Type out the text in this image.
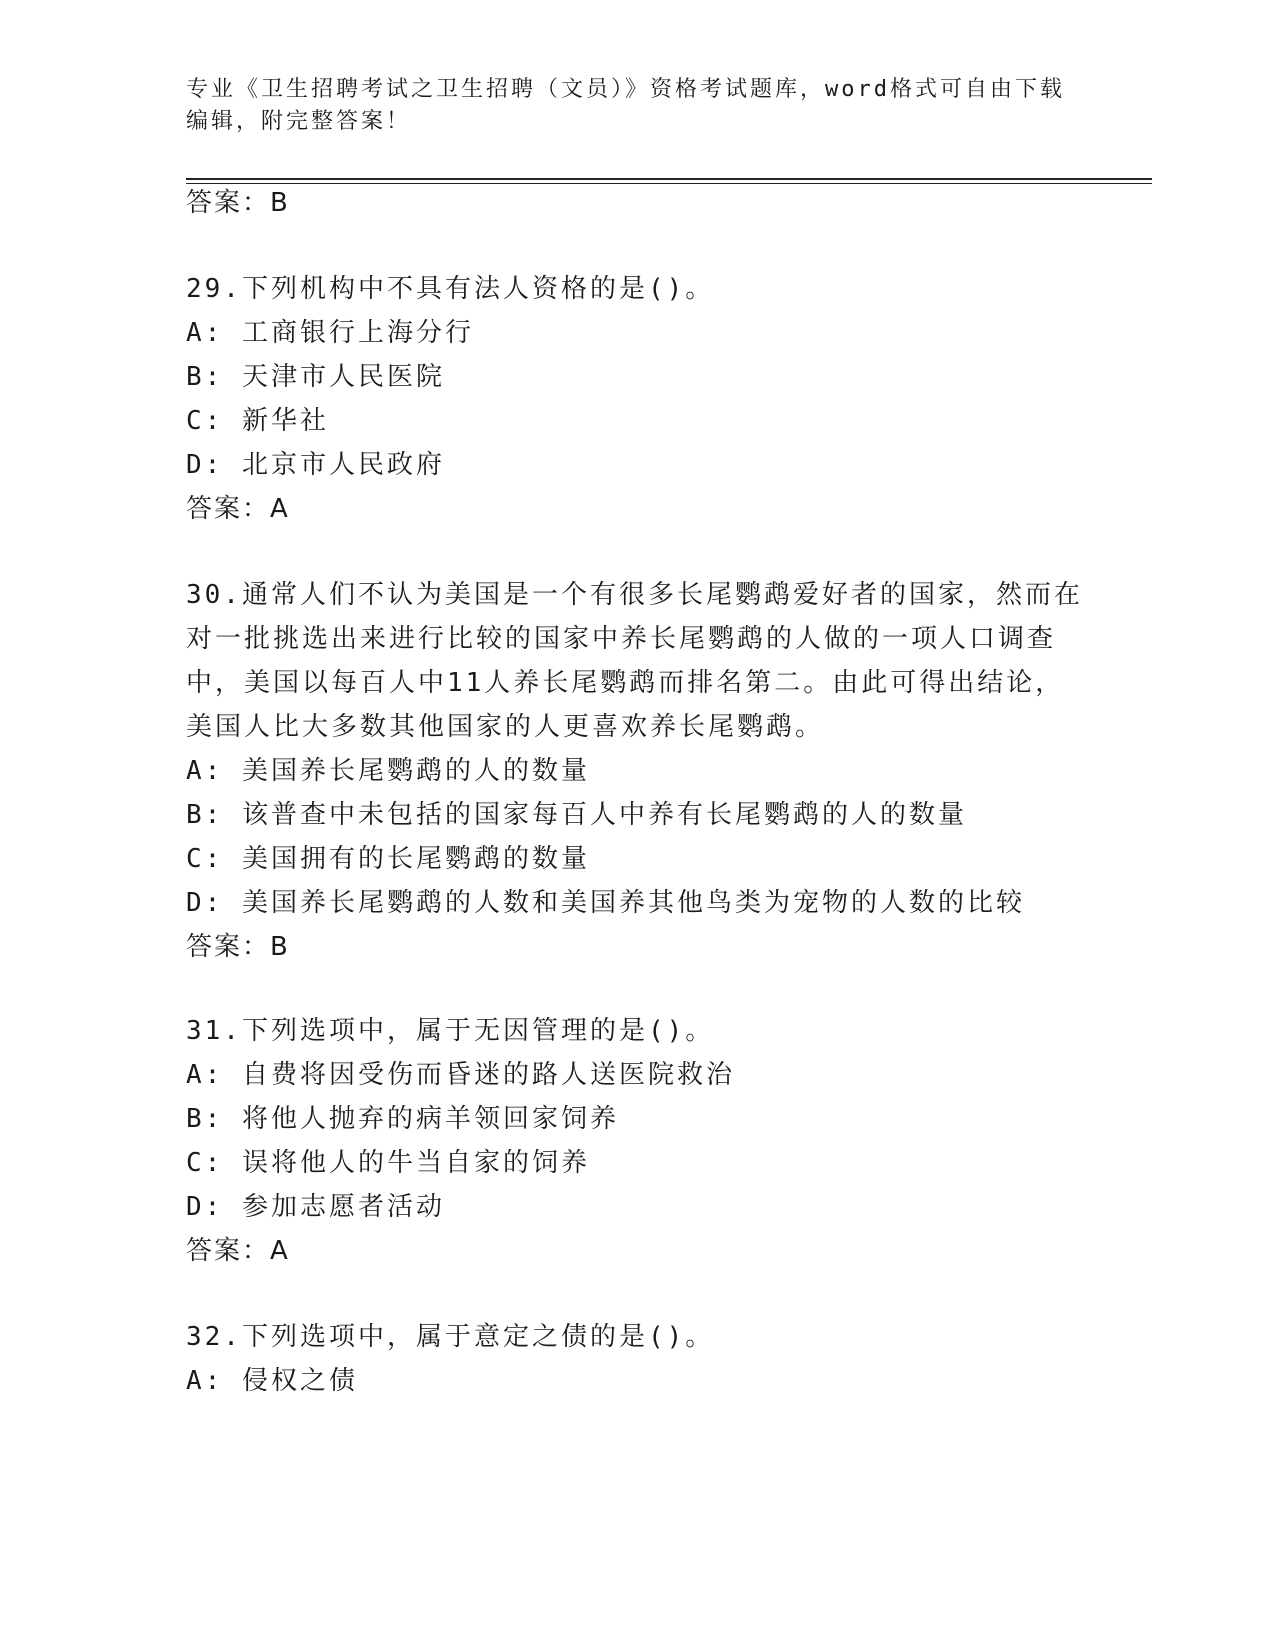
专业《卫生招聘考试之卫生招聘（文员）》资格考试题库，word格式可自由下载
编辑，附完整答案！
答案：B
29.下列机构中不具有法人资格的是()。
A: 工商银行上海分行
B: 天津市人民医院
C: 新华社
D: 北京市人民政府
答案：A
30.通常人们不认为美国是一个有很多长尾鹦鹉爱好者的国家，然而在
对一批挑选出来进行比较的国家中养长尾鹦鹉的人做的一项人口调查
中，美国以每百人中11人养长尾鹦鹉而排名第二。由此可得出结论，
美国人比大多数其他国家的人更喜欢养长尾鹦鹉。
A: 美国养长尾鹦鹉的人的数量
B: 该普查中未包括的国家每百人中养有长尾鹦鹉的人的数量
C: 美国拥有的长尾鹦鹉的数量
D: 美国养长尾鹦鹉的人数和美国养其他鸟类为宠物的人数的比较
答案：B
31.下列选项中，属于无因管理的是()。
A: 自费将因受伤而昏迷的路人送医院救治
B: 将他人抛弃的病羊领回家饲养
C: 误将他人的牛当自家的饲养
D: 参加志愿者活动
答案：A
32.下列选项中，属于意定之债的是()。
A: 侵权之债
